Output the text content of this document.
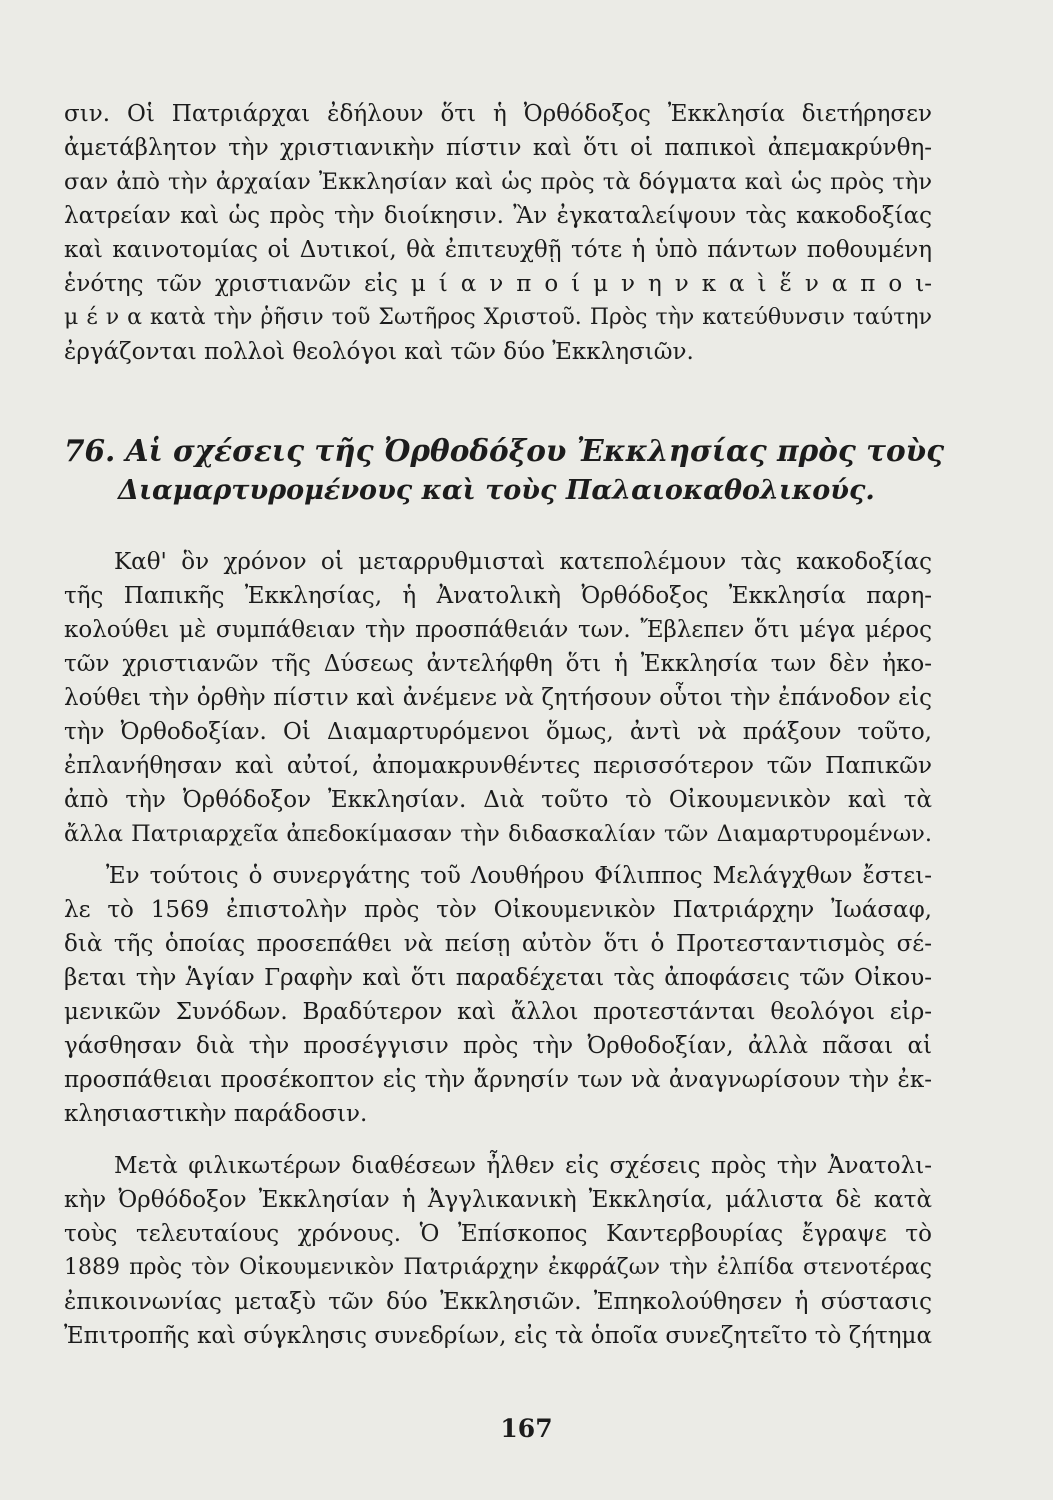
σιν. Οἱ Πατριάρχαι ἐδήλουν ὅτι ἡ Ὀρθόδοξος Ἐκκλησία διετήρησεν
ἀμετάβλητον τὴν χριστιανικὴν πίστιν καὶ ὅτι οἱ παπικοὶ ἀπεμακρύνθη-
σαν ἀπὸ τὴν ἀρχαίαν Ἐκκλησίαν καὶ ὡς πρὸς τὰ δόγματα καὶ ὡς πρὸς τὴν
λατρείαν καὶ ὡς πρὸς τὴν διοίκησιν. Ἂν ἐγκαταλείψουν τὰς κακοδοξίας
καὶ καινοτομίας οἱ Δυτικοί, θὰ ἐπιτευχθῇ τότε ἡ ὑπὸ πάντων ποθουμένη
ἑνότης τῶν χριστιανῶν εἰς μ ί α ν π ο ί μ ν η ν κ α ὶ ἕ ν α π ο ι-
μ έ ν α κατὰ τὴν ῥῆσιν τοῦ Σωτῆρος Χριστοῦ. Πρὸς τὴν κατεύθυνσιν ταύτην
ἐργάζονται πολλοὶ θεολόγοι καὶ τῶν δύο Ἐκκλησιῶν.
76. Αἱ σχέσεις τῆς Ὀρθοδόξου Ἐκκλησίας πρὸς τοὺς
Διαμαρτυρομένους καὶ τοὺς Παλαιοκαθολικούς.
Καθ' ὃν χρόνον οἱ μεταρρυθμισταὶ κατεπολέμουν τὰς κακοδοξίας
τῆς Παπικῆς Ἐκκλησίας, ἡ Ἀνατολικὴ Ὀρθόδοξος Ἐκκλησία παρη-
κολούθει μὲ συμπάθειαν τὴν προσπάθειάν των. Ἔβλεπεν ὅτι μέγα μέρος
τῶν χριστιανῶν τῆς Δύσεως ἀντελήφθη ὅτι ἡ Ἐκκλησία των δὲν ἠκο-
λούθει τὴν ὀρθὴν πίστιν καὶ ἀνέμενε νὰ ζητήσουν οὗτοι τὴν ἐπάνοδον εἰς
τὴν Ὀρθοδοξίαν. Οἱ Διαμαρτυρόμενοι ὅμως, ἀντὶ νὰ πράξουν τοῦτο,
ἐπλανήθησαν καὶ αὐτοί, ἀπομακρυνθέντες περισσότερον τῶν Παπικῶν
ἀπὸ τὴν Ὀρθόδοξον Ἐκκλησίαν. Διὰ τοῦτο τὸ Οἰκουμενικὸν καὶ τὰ
ἄλλα Πατριαρχεῖα ἀπεδοκίμασαν τὴν διδασκαλίαν τῶν Διαμαρτυρομένων.
Ἐν τούτοις ὁ συνεργάτης τοῦ Λουθήρου Φίλιππος Μελάγχθων ἔστει-
λε τὸ 1569 ἐπιστολὴν πρὸς τὸν Οἰκουμενικὸν Πατριάρχην Ἰωάσαφ,
διὰ τῆς ὁποίας προσεπάθει νὰ πείσῃ αὐτὸν ὅτι ὁ Προτεσταντισμὸς σέ-
βεται τὴν Ἁγίαν Γραφὴν καὶ ὅτι παραδέχεται τὰς ἀποφάσεις τῶν Οἰκου-
μενικῶν Συνόδων. Βραδύτερον καὶ ἄλλοι προτεστάνται θεολόγοι εἰρ-
γάσθησαν διὰ τὴν προσέγγισιν πρὸς τὴν Ὀρθοδοξίαν, ἀλλὰ πᾶσαι αἱ
προσπάθειαι προσέκοπτον εἰς τὴν ἄρνησίν των νὰ ἀναγνωρίσουν τὴν ἐκ-
κλησιαστικὴν παράδοσιν.
Μετὰ φιλικωτέρων διαθέσεων ἦλθεν εἰς σχέσεις πρὸς τὴν Ἀνατολι-
κὴν Ὀρθόδοξον Ἐκκλησίαν ἡ Ἀγγλικανικὴ Ἐκκλησία, μάλιστα δὲ κατὰ
τοὺς τελευταίους χρόνους. Ὁ Ἐπίσκοπος Καντερβουρίας ἔγραψε τὸ
1889 πρὸς τὸν Οἰκουμενικὸν Πατριάρχην ἐκφράζων τὴν ἐλπίδα στενοτέρας
ἐπικοινωνίας μεταξὺ τῶν δύο Ἐκκλησιῶν. Ἐπηκολούθησεν ἡ σύστασις
Ἐπιτροπῆς καὶ σύγκλησις συνεδρίων, εἰς τὰ ὁποῖα συνεζητεῖτο τὸ ζήτημα
167
